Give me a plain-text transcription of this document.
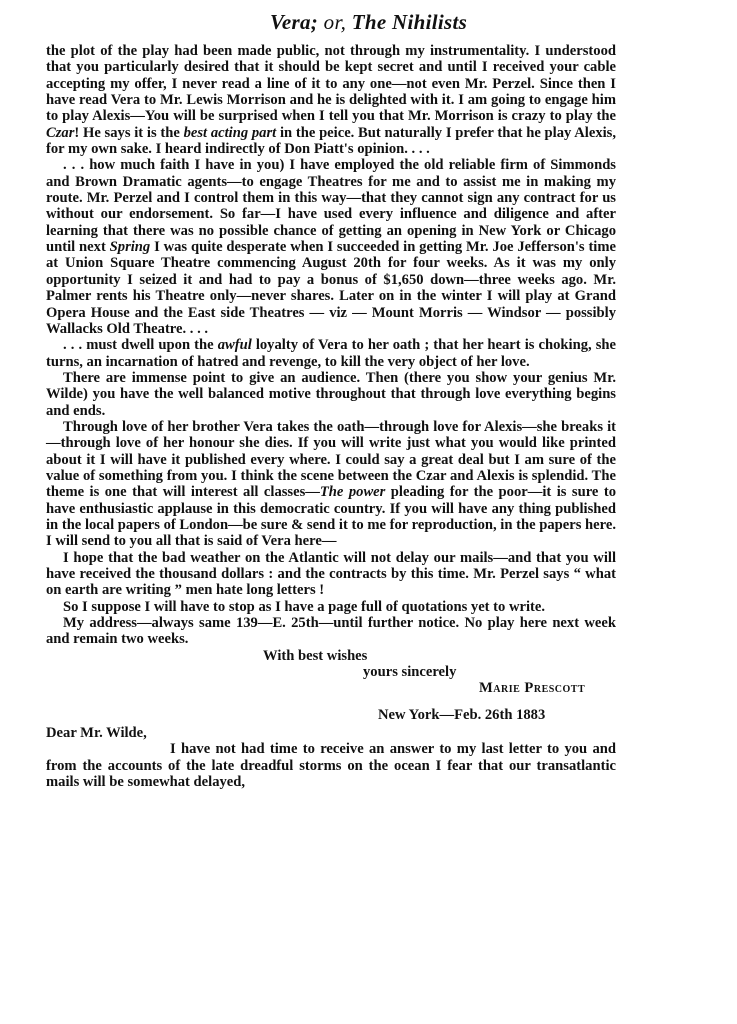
Vera; or, The Nihilists

the plot of the play had been made public, not through my instrumentality. I understood that you particularly desired that it should be kept secret and until I received your cable accepting my offer, I never read a line of it to any one—not even Mr. Perzel. Since then I have read Vera to Mr. Lewis Morrison and he is delighted with it. I am going to engage him to play Alexis—You will be surprised when I tell you that Mr. Morrison is crazy to play the Czar! He says it is the best acting part in the peice. But naturally I prefer that he play Alexis, for my own sake. I heard indirectly of Don Piatt's opinion. . . .

. . . how much faith I have in you) I have employed the old reliable firm of Simmonds and Brown Dramatic agents—to engage Theatres for me and to assist me in making my route. Mr. Perzel and I control them in this way—that they cannot sign any contract for us without our endorsement. So far—I have used every influence and diligence and after learning that there was no possible chance of getting an opening in New York or Chicago until next Spring I was quite desperate when I succeeded in getting Mr. Joe Jefferson's time at Union Square Theatre commencing August 20th for four weeks. As it was my only opportunity I seized it and had to pay a bonus of $1,650 down—three weeks ago. Mr. Palmer rents his Theatre only—never shares. Later on in the winter I will play at Grand Opera House and the East side Theatres — viz — Mount Morris — Windsor — possibly Wallacks Old Theatre. . . .

. . . must dwell upon the awful loyalty of Vera to her oath ; that her heart is choking, she turns, an incarnation of hatred and revenge, to kill the very object of her love.

There are immense point to give an audience. Then (there you show your genius Mr. Wilde) you have the well balanced motive throughout that through love everything begins and ends.

Through love of her brother Vera takes the oath—through love for Alexis—she breaks it—through love of her honour she dies. If you will write just what you would like printed about it I will have it published every where. I could say a great deal but I am sure of the value of something from you. I think the scene between the Czar and Alexis is splendid. The theme is one that will interest all classes—The power pleading for the poor—it is sure to have enthusiastic applause in this democratic country. If you will have any thing published in the local papers of London—be sure & send it to me for reproduction, in the papers here. I will send to you all that is said of Vera here—

I hope that the bad weather on the Atlantic will not delay our mails—and that you will have received the thousand dollars : and the contracts by this time. Mr. Perzel says “ what on earth are writing ” men hate long letters !

So I suppose I will have to stop as I have a page full of quotations yet to write.

My address—always same 139—E. 25th—until further notice. No play here next week and remain two weeks.

With best wishes

yours sincerely

Marie Prescott

New York—Feb. 26th 1883

Dear Mr. Wilde,

I have not had time to receive an answer to my last letter to you and from the accounts of the late dreadful storms on the ocean I fear that our transatlantic mails will be somewhat delayed,
